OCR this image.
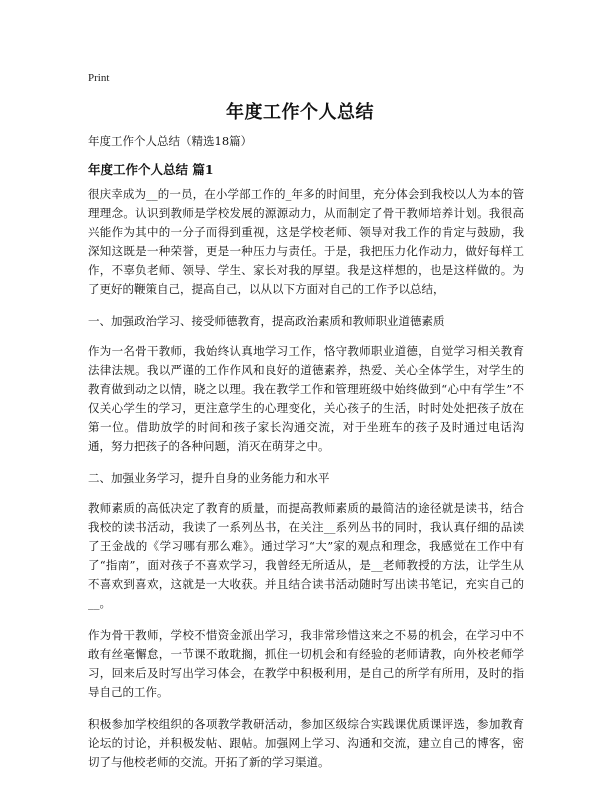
Print
年度工作个人总结

年度工作个人总结（精选18篇）

年度工作个人总结 篇1

很庆幸成为__的一员，在小学部工作的_年多的时间里，充分体会到我校以人为本的管理理念。认识到教师是学校发展的源源动力，从而制定了骨干教师培养计划。我很高兴能作为其中的一分子而得到重视，这是学校老师、领导对我工作的肯定与鼓励，我深知这既是一种荣誉，更是一种压力与责任。于是，我把压力化作动力，做好每样工作，不辜负老师、领导、学生、家长对我的厚望。我是这样想的，也是这样做的。为了更好的鞭策自己，提高自己，以从以下方面对自己的工作予以总结，

一、加强政治学习、接受师德教育，提高政治素质和教师职业道德素质

作为一名骨干教师，我始终认真地学习工作，恪守教师职业道德，自觉学习相关教育法律法规。我以严谨的工作作风和良好的道德素养，热爱、关心全体学生，对学生的教育做到动之以情，晓之以理。我在教学工作和管理班级中始终做到“心中有学生”不仅关心学生的学习，更注意学生的心理变化，关心孩子的生活，时时处处把孩子放在第一位。借助放学的时间和孩子家长沟通交流，对于坐班车的孩子及时通过电话沟通，努力把孩子的各种问题，消灭在萌芽之中。

二、加强业务学习，提升自身的业务能力和水平

教师素质的高低决定了教育的质量，而提高教师素质的最简洁的途径就是读书，结合我校的读书活动，我读了一系列丛书，在关注__系列丛书的同时，我认真仔细的品读了王金战的《学习哪有那么难》。通过学习“大”家的观点和理念，我感觉在工作中有了“指南”，面对孩子不喜欢学习，我曾经无所适从，是__老师教授的方法，让学生从不喜欢到喜欢，这就是一大收获。并且结合读书活动随时写出读书笔记，充实自己的__。

作为骨干教师，学校不惜资金派出学习，我非常珍惜这来之不易的机会，在学习中不敢有丝毫懈怠，一节课不敢耽搁，抓住一切机会和有经验的老师请教，向外校老师学习，回来后及时写出学习体会，在教学中积极利用，是自己的所学有所用，及时的指导自己的工作。

积极参加学校组织的各项教学教研活动，参加区级综合实践课优质课评选，参加教育论坛的讨论，并积极发帖、跟帖。加强网上学习、沟通和交流，建立自己的博客，密切了与他校老师的交流。开拓了新的学习渠道。
